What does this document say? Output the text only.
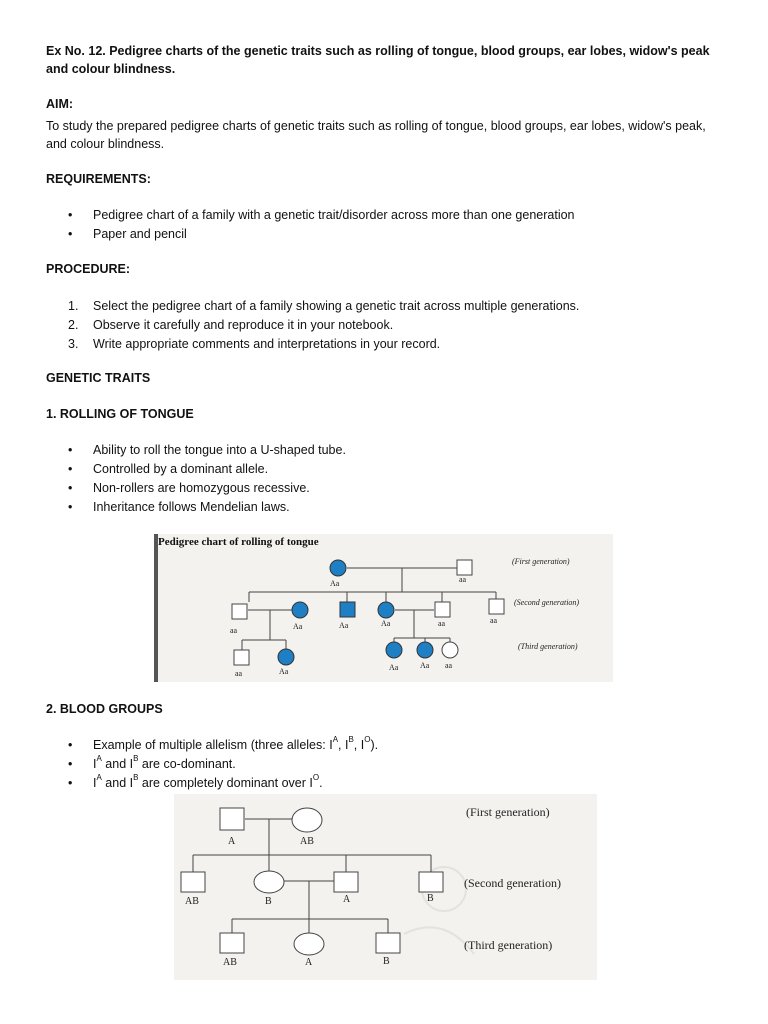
Ex No. 12. Pedigree charts of the genetic traits such as rolling of tongue, blood groups, ear lobes, widow's peak and colour blindness.
AIM:
To study the prepared pedigree charts of genetic traits such as rolling of tongue, blood groups, ear lobes, widow's peak, and colour blindness.
REQUIREMENTS:
• Pedigree chart of a family with a genetic trait/disorder across more than one generation
• Paper and pencil
PROCEDURE:
1. Select the pedigree chart of a family showing a genetic trait across multiple generations.
2. Observe it carefully and reproduce it in your notebook.
3. Write appropriate comments and interpretations in your record.
GENETIC TRAITS
1. ROLLING OF TONGUE
• Ability to roll the tongue into a U-shaped tube.
• Controlled by a dominant allele.
• Non-rollers are homozygous recessive.
• Inheritance follows Mendelian laws.
Pedigree chart of rolling of tongue
Aa	aa
aa	Aa	Aa	Aa	aa	aa
aa	Aa	Aa	Aa aa
(First generation)
(Second generation)
(Third generation)
2. BLOOD GROUPS
• Example of multiple allelism (three alleles: $I^A$, $I^B$, $I^O$).
• $I^A$ and $I^B$ are co-dominant.
• $I^A$ and $I^B$ are completely dominant over $I^O$.
A	AB
AB	B	A	B
AB	A	B
(First generation)
(Second generation)
(Third generation)
